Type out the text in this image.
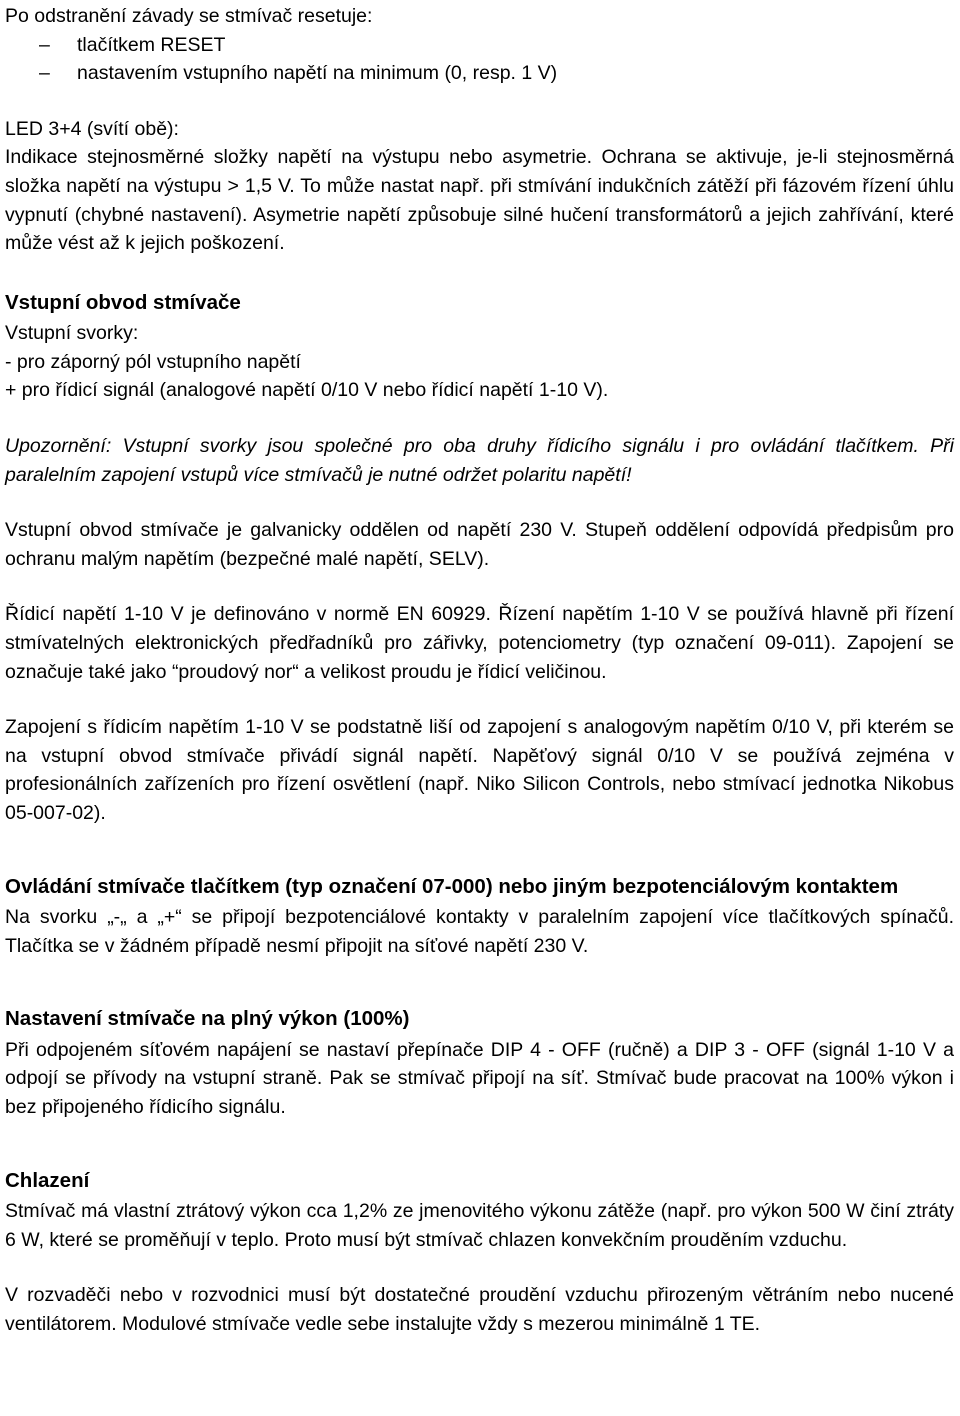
Po odstranění závady se stmívač resetuje:

– tlačítkem RESET
– nastavením vstupního napětí na minimum (0, resp. 1 V)

LED 3+4 (svítí obě):

Indikace stejnosměrné složky napětí na výstupu nebo asymetrie. Ochrana se aktivuje, je-li stejnosměrná složka napětí na výstupu > 1,5 V. To může nastat např. při stmívání indukčních zátěží při fázovém řízení úhlu vypnutí (chybné nastavení). Asymetrie napětí způsobuje silné hučení transformátorů a jejich zahřívání, které může vést až k jejich poškození.

Vstupní obvod stmívače

Vstupní svorky:

- pro záporný pól vstupního napětí

+ pro řídicí signál (analogové napětí 0/10 V nebo řídicí napětí 1-10 V).

Upozornění: Vstupní svorky jsou společné pro oba druhy řídicího signálu i pro ovládání tlačítkem. Při paralelním zapojení vstupů více stmívačů je nutné održet polaritu napětí!

Vstupní obvod stmívače je galvanicky oddělen od napětí 230 V. Stupeň oddělení odpovídá předpisům pro ochranu malým napětím (bezpečné malé napětí, SELV).

Řídicí napětí 1-10 V je definováno v normě EN 60929. Řízení napětím 1-10 V se používá hlavně při řízení stmívatelných elektronických předřadníků pro zářivky, potenciometry (typ označení 09-011). Zapojení se označuje také jako “proudový nor“ a velikost proudu je řídicí veličinou.

Zapojení s řídicím napětím 1-10 V se podstatně liší od zapojení s analogovým napětím 0/10 V, při kterém se na vstupní obvod stmívače přivádí signál napětí. Napěťový signál 0/10 V se používá zejména v profesionálních zařízeních pro řízení osvětlení (např. Niko Silicon Controls, nebo stmívací jednotka Nikobus 05-007-02).

Ovládání stmívače tlačítkem (typ označení 07-000) nebo jiným bezpotenciálovým kontaktem

Na svorku „-„ a „+“ se připojí bezpotenciálové kontakty v paralelním zapojení více tlačítkových spínačů. Tlačítka se v žádném případě nesmí připojit na síťové napětí 230 V.

Nastavení stmívače na plný výkon (100%)

Při odpojeném síťovém napájení se nastaví přepínače DIP 4 - OFF (ručně) a DIP 3 - OFF (signál 1-10 V a odpojí se přívody na vstupní straně. Pak se stmívač připojí na síť. Stmívač bude pracovat na 100% výkon i bez připojeného řídicího signálu.

Chlazení

Stmívač má vlastní ztrátový výkon cca 1,2% ze jmenovitého výkonu zátěže (např. pro výkon 500 W činí ztráty 6 W, které se proměňují v teplo. Proto musí být stmívač chlazen konvekčním prouděním vzduchu.

V rozvaděči nebo v rozvodnici musí být dostatečné proudění vzduchu přirozeným větráním nebo nucené ventilátorem. Modulové stmívače vedle sebe instalujte vždy s mezerou minimálně 1 TE.
